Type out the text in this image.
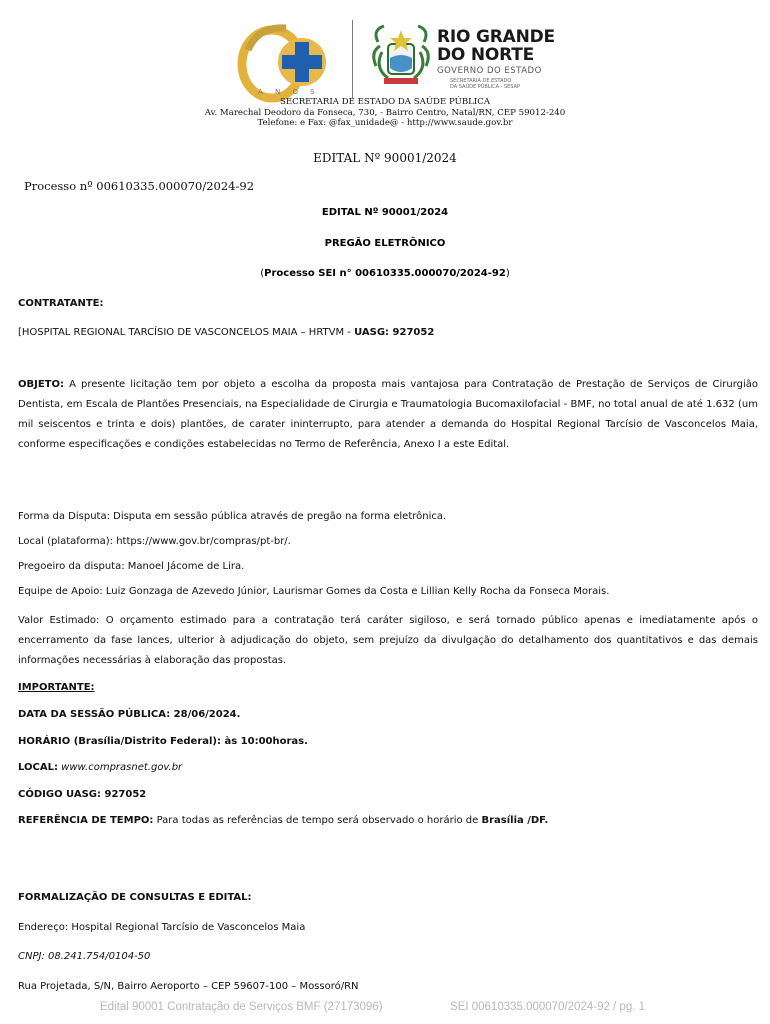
A N O S
RIO GRANDE
DO NORTE
GOVERNO DO ESTADO
SECRETARIA DE ESTADO
DA SAÚDE PÚBLICA - SESAP
SECRETARIA DE ESTADO DA SAÚDE PÚBLICA
Av. Marechal Deodoro da Fonseca, 730, - Bairro Centro, Natal/RN, CEP 59012-240
Telefone: e Fax: @fax_unidade@ - http://www.saude.gov.br
EDITAL Nº 90001/2024
Processo nº 00610335.000070/2024-92
EDITAL Nº 90001/2024
PREGÃO ELETRÔNICO
(Processo SEI n° 00610335.000070/2024-92)
CONTRATANTE:
[HOSPITAL REGIONAL TARCÍSIO DE VASCONCELOS MAIA – HRTVM - UASG: 927052
OBJETO: A presente licitação tem por objeto a escolha da proposta mais vantajosa para Contratação de Prestação de Serviços de Cirurgião Dentista, em Escala de Plantões Presenciais, na Especialidade de Cirurgia e Traumatologia Bucomaxilofacial - BMF, no total anual de até 1.632 (um mil seiscentos e trinta e dois) plantões, de carater ininterrupto, para atender a demanda do Hospital Regional Tarcísio de Vasconcelos Maia, conforme especificações e condições estabelecidas no Termo de Referência, Anexo I a este Edital.
Forma da Disputa: Disputa em sessão pública através de pregão na forma eletrônica.
Local (plataforma): https://www.gov.br/compras/pt-br/.
Pregoeiro da disputa: Manoel Jácome de Lira.
Equipe de Apoio: Luiz Gonzaga de Azevedo Júnior, Laurismar Gomes da Costa e Lillian Kelly Rocha da Fonseca Morais.
Valor Estimado: O orçamento estimado para a contratação terá caráter sigiloso, e será tornado público apenas e imediatamente após o encerramento da fase lances, ulterior à adjudicação do objeto, sem prejuízo da divulgação do detalhamento dos quantitativos e das demais informações necessárias à elaboração das propostas.
IMPORTANTE:
DATA DA SESSÃO PÚBLICA: 28/06/2024.
HORÁRIO (Brasília/Distrito Federal): às 10:00horas.
LOCAL: www.comprasnet.gov.br
CÓDIGO UASG: 927052
REFERÊNCIA DE TEMPO: Para todas as referências de tempo será observado o horário de Brasília /DF.
FORMALIZAÇÃO DE CONSULTAS E EDITAL:
Endereço: Hospital Regional Tarcísio de Vasconcelos Maia
CNPJ: 08.241.754/0104-50
Rua Projetada, S/N, Bairro Aeroporto – CEP 59607-100 – Mossoró/RN
Edital 90001 Contratação de Serviços BMF (27173096)	SEI 00610335.000070/2024-92 / pg. 1
